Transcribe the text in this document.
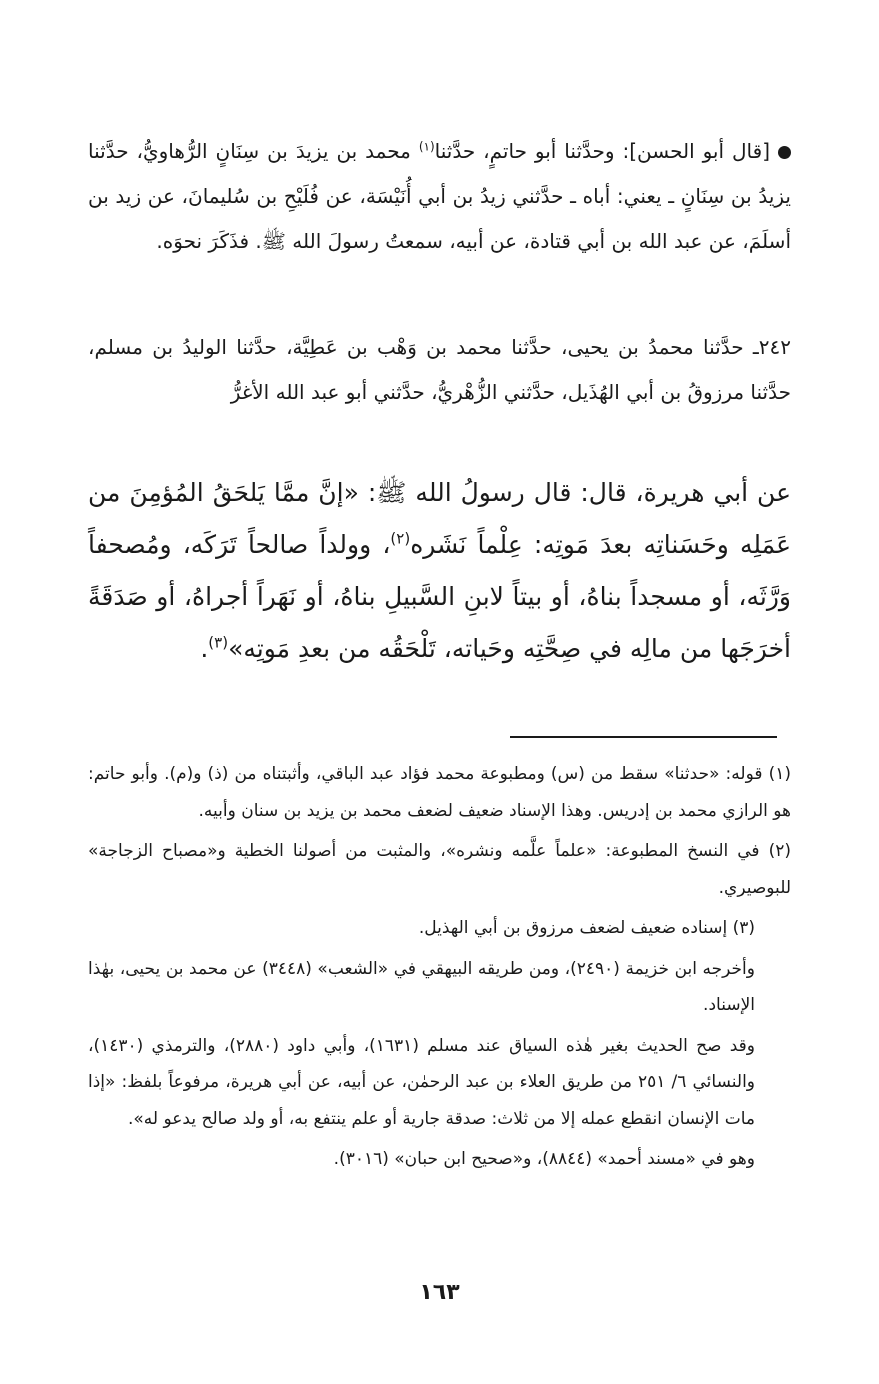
[قال أبو الحسن]: وحدَّثنا أبو حاتمٍ، حدَّثنا$^{(١)}$ محمد بن يزيدَ بن سِنَانٍ الرُّهاويُّ، حدَّثنا يزيدُ بن سِنَانٍ ـ يعني: أباه ـ حدَّثني زيدُ بن أبي أُنَيْسَة، عن فُلَيْحِ بن سُليمانَ، عن زيد بن أسلَمَ، عن عبد الله بن أبي قتادة، عن أبيه، سمعتُ رسولَ الله ﷺ. فذَكَرَ نحوَه.
٢٤٢ـ حدَّثنا محمدُ بن يحيى، حدَّثنا محمد بن وَهْب بن عَطِيَّة، حدَّثنا الوليدُ بن مسلم، حدَّثنا مرزوقُ بن أبي الهُذَيل، حدَّثني الزُّهْريُّ، حدَّثني أبو عبد الله الأغرُّ
عن أبي هريرة، قال: قال رسولُ الله ﷺ: «إنَّ ممَّا يَلحَقُ المُؤمِنَ من عَمَلِه وحَسَناتِه بعدَ مَوتِه: عِلْماً نَشَره$^{(٢)}$، وولداً صالحاً تَرَكَه، ومُصحفاً وَرَّثَه، أو مسجداً بناهُ، أو بيتاً لابنِ السَّبيلِ بناهُ، أو نَهَراً أجراهُ، أو صَدَقَةً أخرَجَها من مالِه في صِحَّتِه وحَياته، تَلْحَقُه من بعدِ مَوتِه»$^{(٣)}$.

(١) قوله: «حدثنا» سقط من (س) ومطبوعة محمد فؤاد عبد الباقي، وأثبتناه من (ذ) و(م). وأبو حاتم: هو الرازي محمد بن إدريس. وهذا الإسناد ضعيف لضعف محمد بن يزيد بن سنان وأبيه.

(٢) في النسخ المطبوعة: «علماً علَّمه ونشره»، والمثبت من أصولنا الخطية و«مصباح الزجاجة» للبوصيري.

(٣) إسناده ضعيف لضعف مرزوق بن أبي الهذيل.

وأخرجه ابن خزيمة (٢٤٩٠)، ومن طريقه البيهقي في «الشعب» (٣٤٤٨) عن محمد بن يحيى، بهٰذا الإسناد.

وقد صح الحديث بغير هٰذه السياق عند مسلم (١٦٣١)، وأبي داود (٢٨٨٠)، والترمذي (١٤٣٠)، والنسائي ٦/ ٢٥١ من طريق العلاء بن عبد الرحمٰن، عن أبيه، عن أبي هريرة، مرفوعاً بلفظ: «إذا مات الإنسان انقطع عمله إلا من ثلاث: صدقة جارية أو علم ينتفع به، أو ولد صالح يدعو له».

وهو في «مسند أحمد» (٨٨٤٤)، و«صحيح ابن حبان» (٣٠١٦).

١٦٣
